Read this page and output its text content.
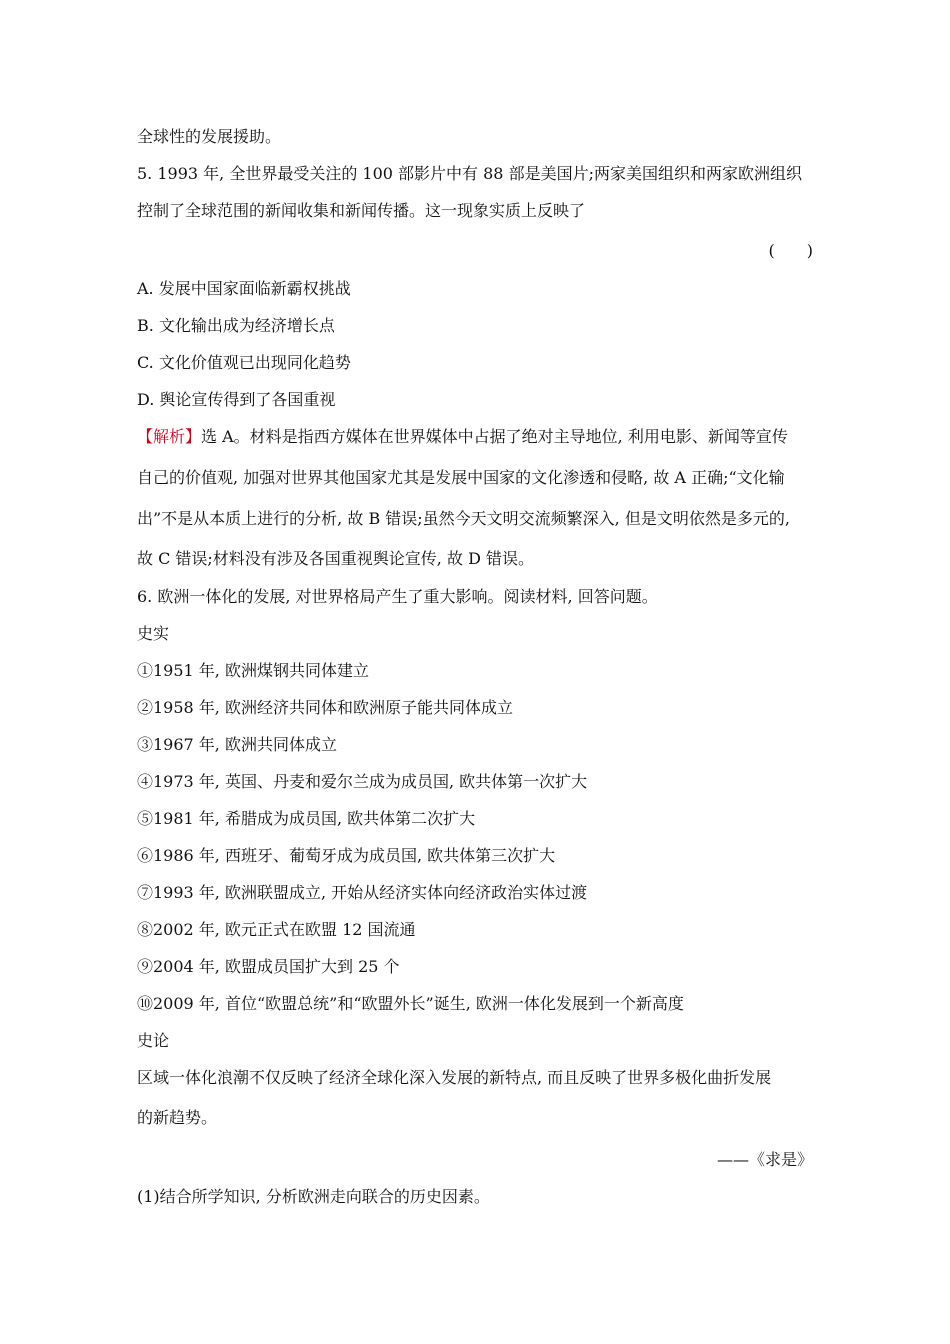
全球性的发展援助。
5. 1993 年, 全世界最受关注的 100 部影片中有 88 部是美国片;两家美国组织和两家欧洲组织
控制了全球范围的新闻收集和新闻传播。这一现象实质上反映了
(　　)
A. 发展中国家面临新霸权挑战
B. 文化输出成为经济增长点
C. 文化价值观已出现同化趋势
D. 舆论宣传得到了各国重视
【解析】选 A。材料是指西方媒体在世界媒体中占据了绝对主导地位, 利用电影、新闻等宣传
自己的价值观, 加强对世界其他国家尤其是发展中国家的文化渗透和侵略, 故 A 正确;“文化输
出”不是从本质上进行的分析, 故 B 错误;虽然今天文明交流频繁深入, 但是文明依然是多元的,
故 C 错误;材料没有涉及各国重视舆论宣传, 故 D 错误。
6. 欧洲一体化的发展, 对世界格局产生了重大影响。阅读材料, 回答问题。
史实
①1951 年, 欧洲煤钢共同体建立
②1958 年, 欧洲经济共同体和欧洲原子能共同体成立
③1967 年, 欧洲共同体成立
④1973 年, 英国、丹麦和爱尔兰成为成员国, 欧共体第一次扩大
⑤1981 年, 希腊成为成员国, 欧共体第二次扩大
⑥1986 年, 西班牙、葡萄牙成为成员国, 欧共体第三次扩大
⑦1993 年, 欧洲联盟成立, 开始从经济实体向经济政治实体过渡
⑧2002 年, 欧元正式在欧盟 12 国流通
⑨2004 年, 欧盟成员国扩大到 25 个
⑩2009 年, 首位“欧盟总统”和“欧盟外长”诞生, 欧洲一体化发展到一个新高度
史论
区域一体化浪潮不仅反映了经济全球化深入发展的新特点, 而且反映了世界多极化曲折发展
的新趋势。
——《求是》
(1)结合所学知识, 分析欧洲走向联合的历史因素。
